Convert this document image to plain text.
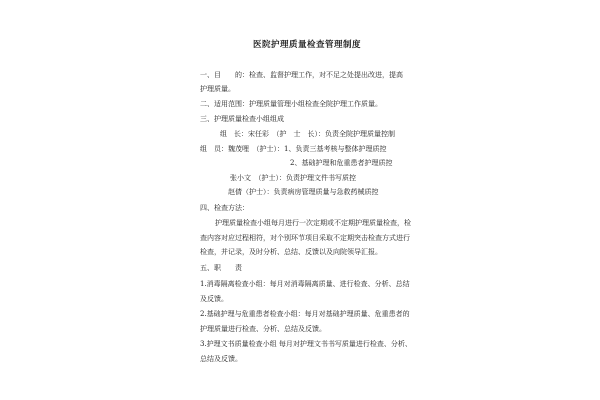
医院护理质量检查管理制度
一、目　　的：检查、监督护理工作，对不足之处提出改进，提高
护理质量。
二、适用范围：护理质量管理小组检查全院护理工作质量。
三、护理质量检查小组组成
组　长：宋任彩　（护　士　长）：负责全院护理质量控制
组　员：魏茂哩　（护士）：1、负责三基考核与整体护理质控
2、基础护理和危重患者护理质控
张小文　（护士）：负责护理文件书写质控
赵倩（护士）：负责病房管理质量与急救药械质控
四、检查方法：
护理质量检查小组每月进行一次定期或不定期护理质量检查，检
查内容对应过程相符，对个别环节项目采取不定期突击检查方式进行
检查，并记录，及时分析、总结、反馈以及向院领导汇报。
五、职　　责
1.消毒隔离检查小组：每月对消毒隔离质量、进行检查、分析、总结
及反馈。
2.基础护理与危重患者检查小组：每月对基础护理质量、危重患者的
护理质量进行检查、分析、总结及反馈。
3.护理文书质量检查小组 每月对护理文书书写质量进行检查、分析、
总结及反馈。
